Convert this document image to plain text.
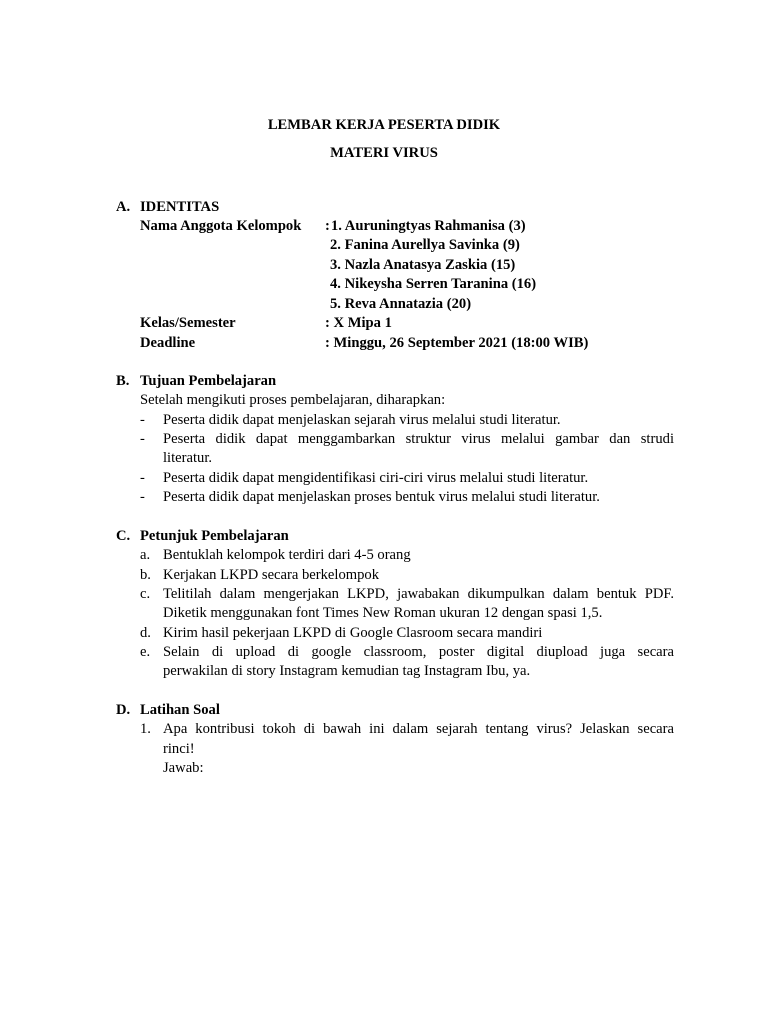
LEMBAR KERJA PESERTA DIDIK
MATERI VIRUS
A. IDENTITAS
Nama Anggota Kelompok : 1. Auruningtyas Rahmanisa (3)
2. Fanina Aurellya Savinka (9)
3. Nazla Anatasya Zaskia (15)
4. Nikeysha Serren Taranina (16)
5. Reva Annatazia (20)
Kelas/Semester	: X Mipa 1
Deadline	: Minggu, 26 September 2021 (18:00 WIB)
B. Tujuan Pembelajaran
Setelah mengikuti proses pembelajaran, diharapkan:
- Peserta didik dapat menjelaskan sejarah virus melalui studi literatur.
- Peserta didik dapat menggambarkan struktur virus melalui gambar dan strudi
literatur.
- Peserta didik dapat mengidentifikasi ciri-ciri virus melalui studi literatur.
- Peserta didik dapat menjelaskan proses bentuk virus melalui studi literatur.
C. Petunjuk Pembelajaran
a. Bentuklah kelompok terdiri dari 4-5 orang
b. Kerjakan LKPD secara berkelompok
c. Telitilah dalam mengerjakan LKPD, jawabakan dikumpulkan dalam bentuk PDF.
Diketik menggunakan font Times New Roman ukuran 12 dengan spasi 1,5.
d. Kirim hasil pekerjaan LKPD di Google Clasroom secara mandiri
e. Selain di upload di google classroom, poster digital diupload juga secara
perwakilan di story Instagram kemudian tag Instagram Ibu, ya.
D. Latihan Soal
1. Apa kontribusi tokoh di bawah ini dalam sejarah tentang virus? Jelaskan secara
rinci!
Jawab:
